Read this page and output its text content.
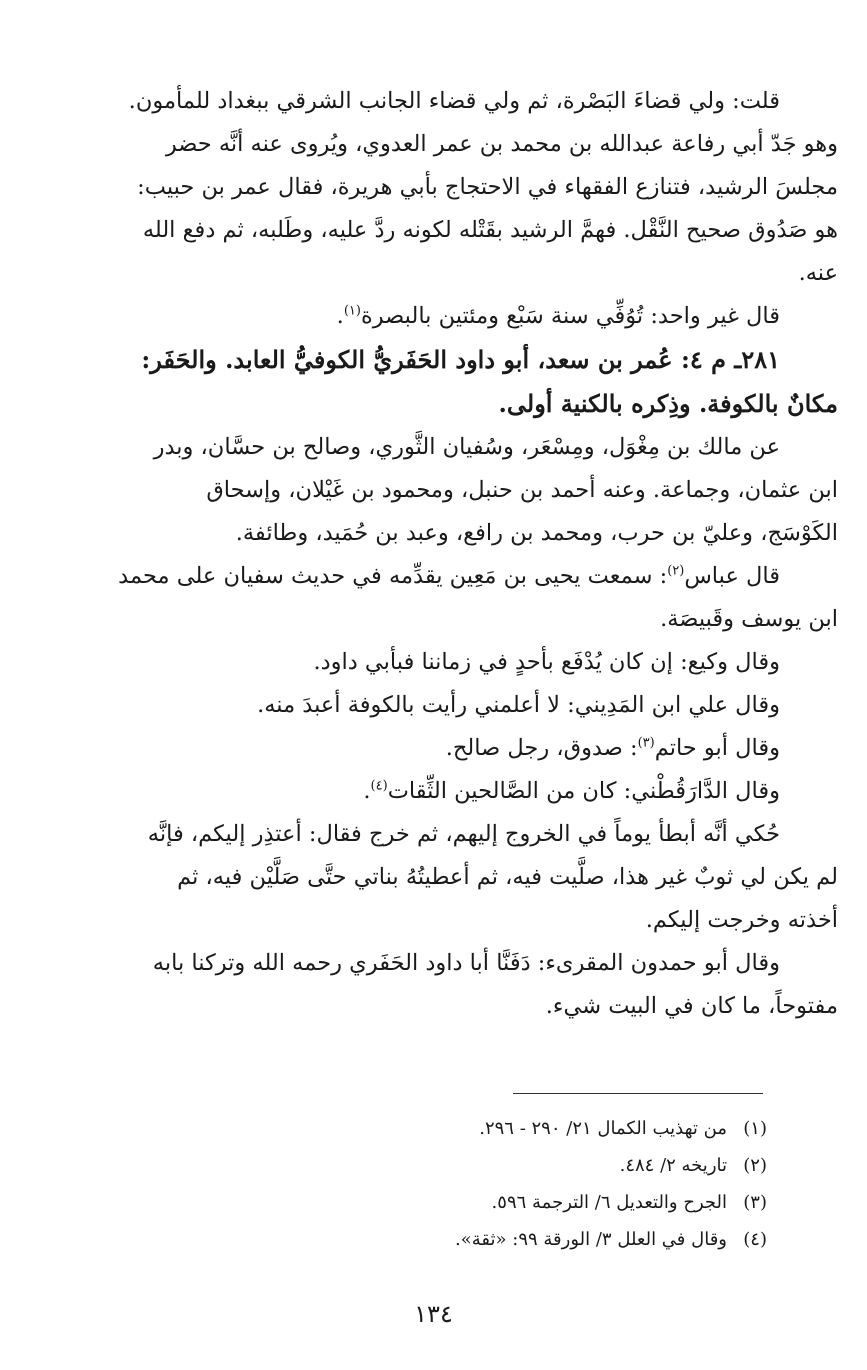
قلت: ولي قضاءَ البَصْرة، ثم ولي قضاء الجانب الشرقي ببغداد للمأمون.
وهو جَدّ أبي رفاعة عبدالله بن محمد بن عمر العدوي، ويُروى عنه أنَّه حضر
مجلسَ الرشيد، فتنازع الفقهاء في الاحتجاج بأبي هريرة، فقال عمر بن حبيب:
هو صَدُوق صحيح النَّقْل. فهمَّ الرشيد بقَتْله لكونه ردَّ عليه، وطَلبه، ثم دفع الله
عنه.

قال غير واحد: تُوُفِّي سنة سَبْع ومئتين بالبصرة$^{(١)}$.

٢٨١ـ م ٤: عُمر بن سعد، أبو داود الحَفَريُّ الكوفيُّ العابد. والحَفَر:
مكانٌ بالكوفة. وذِكره بالكنية أولى.

عن مالك بن مِغْوَل، ومِسْعَر، وسُفيان الثَّوري، وصالح بن حسَّان، وبدر
ابن عثمان، وجماعة. وعنه أحمد بن حنبل، ومحمود بن غَيْلان، وإسحاق
الكَوْسَج، وعليّ بن حرب، ومحمد بن رافع، وعبد بن حُمَيد، وطائفة.

قال عباس$^{(٢)}$: سمعت يحيى بن مَعِين يقدِّمه في حديث سفيان على محمد
ابن يوسف وقَبيصَة.

وقال وكيع: إن كان يُدْفَع بأحدٍ في زماننا فبأبي داود.

وقال علي ابن المَدِيني: لا أعلمني رأيت بالكوفة أعبدَ منه.

وقال أبو حاتم$^{(٣)}$: صدوق، رجل صالح.

وقال الدَّارَقُطْني: كان من الصَّالحين الثِّقات$^{(٤)}$.

حُكي أنَّه أبطأ يوماً في الخروج إليهم، ثم خرج فقال: أعتذِر إليكم، فإنَّه
لم يكن لي ثوبٌ غير هذا، صلَّيت فيه، ثم أعطيتُهُ بناتي حتَّى صَلَّيْن فيه، ثم
أخذته وخرجت إليكم.

وقال أبو حمدون المقرىء: دَفَنَّا أبا داود الحَفَري رحمه الله وتركنا بابه
مفتوحاً، ما كان في البيت شيء.

(١)
من تهذيب الكمال ٢١/ ٢٩٠ - ٢٩٦.
(٢)
تاريخه ٢/ ٤٨٤.
(٣)
الجرح والتعديل ٦/ الترجمة ٥٩٦.
(٤)
وقال في العلل ٣/ الورقة ٩٩: «ثقة».
١٣٤
